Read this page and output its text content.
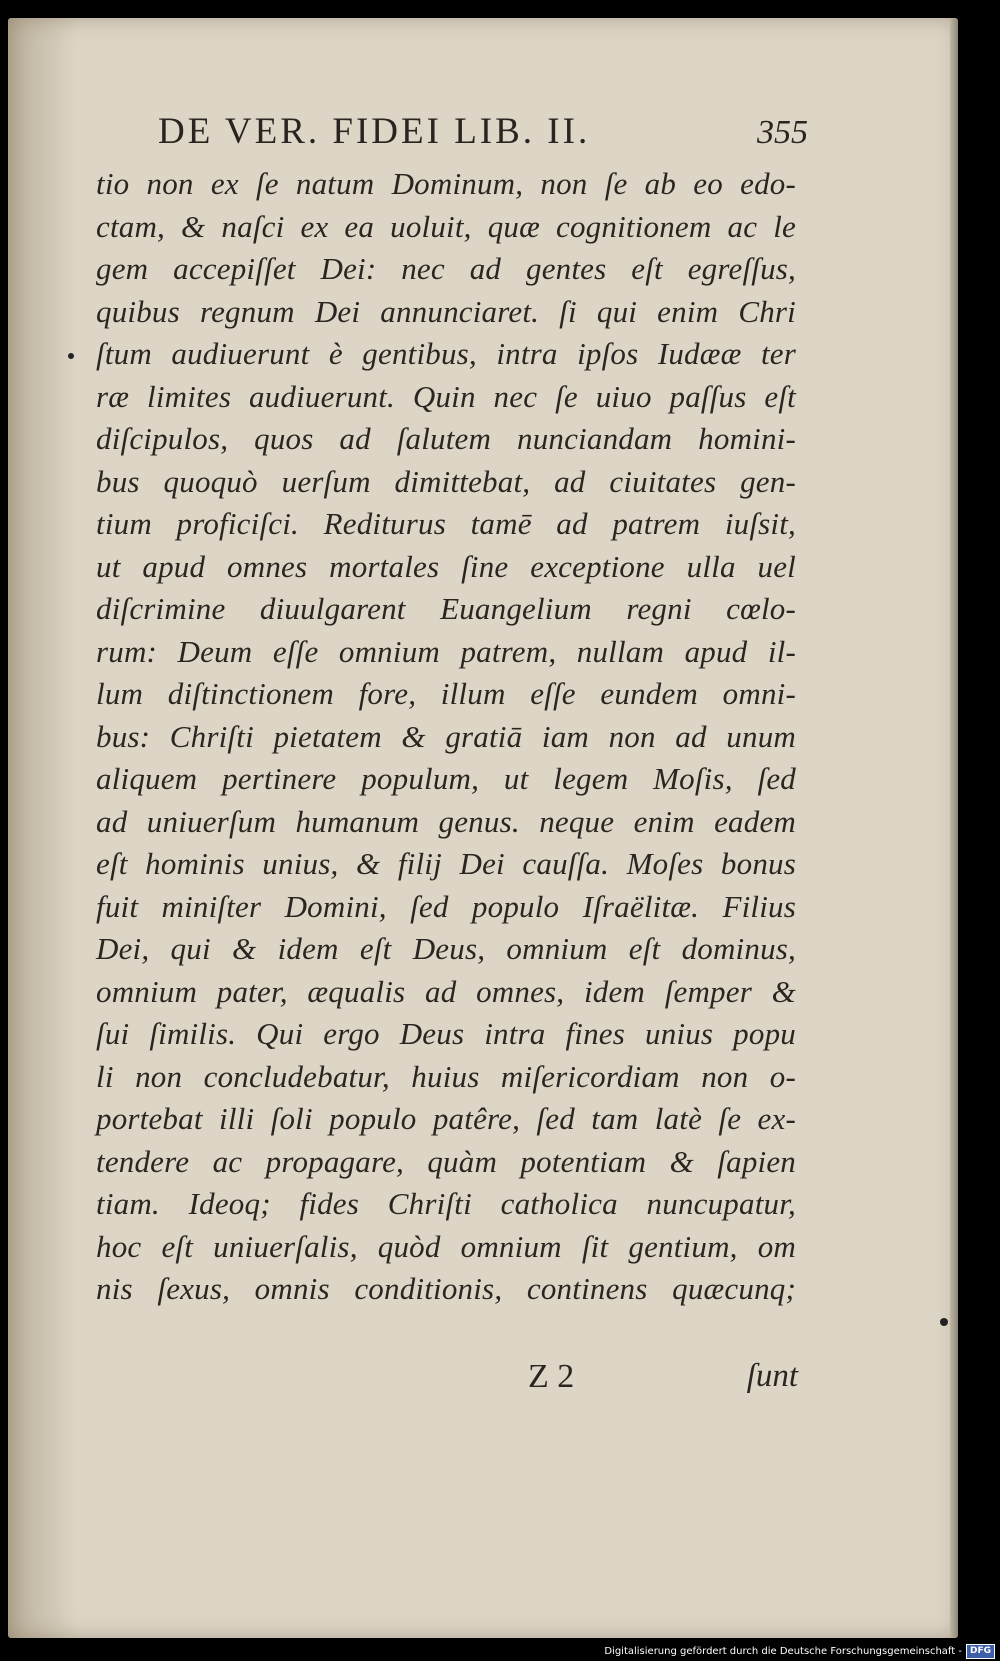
DE VER. FIDEI LIB. II.	355
tio non ex ſe natum Dominum, non ſe ab eo edo-
ctam, & naſci ex ea uoluit, quæ cognitionem ac le
gem accepiſſet Dei: nec ad gentes eſt egreſſus,
quibus regnum Dei annunciaret. ſi qui enim Chri
ſtum audiuerunt è gentibus, intra ipſos Iudææ ter
ræ limites audiuerunt. Quin nec ſe uiuo paſſus eſt
diſcipulos, quos ad ſalutem nunciandam homini-
bus quoquò uerſum dimittebat, ad ciuitates gen-
tium proficiſci. Rediturus tamē ad patrem iuſsit,
ut apud omnes mortales ſine exceptione ulla uel
diſcrimine diuulgarent Euangelium regni cœlo-
rum: Deum eſſe omnium patrem, nullam apud il-
lum diſtinctionem fore, illum eſſe eundem omni-
bus: Chriſti pietatem & gratiā iam non ad unum
aliquem pertinere populum, ut legem Moſis, ſed
ad uniuerſum humanum genus. neque enim eadem
eſt hominis unius, & filij Dei cauſſa. Moſes bonus
fuit miniſter Domini, ſed populo Iſraëlitæ. Filius
Dei, qui & idem eſt Deus, omnium eſt dominus,
omnium pater, æqualis ad omnes, idem ſemper &
ſui ſimilis. Qui ergo Deus intra fines unius popu
li non concludebatur, huius miſericordiam non o-
portebat illi ſoli populo patêre, ſed tam latè ſe ex-
tendere ac propagare, quàm potentiam & ſapien
tiam. Ideoq; fides Chriſti catholica nuncupatur,
hoc eſt uniuerſalis, quòd omnium ſit gentium, om
nis ſexus, omnis conditionis, continens quæcunq;
Z 2	ſunt
Digitalisierung gefördert durch die Deutsche Forschungsgemeinschaft - DFG
